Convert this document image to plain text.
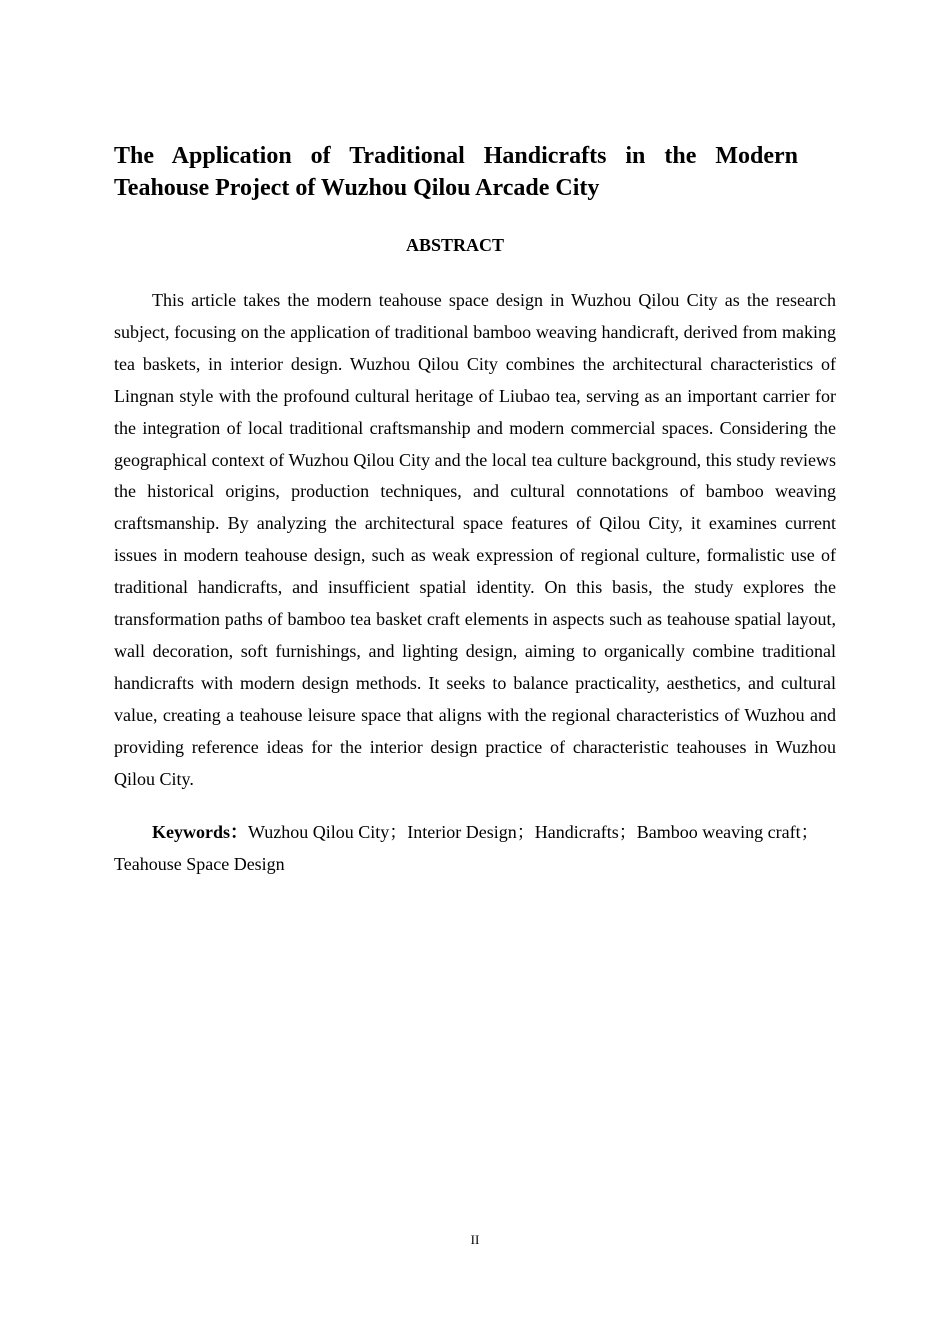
The Application of Traditional Handicrafts in the Modern
Teahouse Project of Wuzhou Qilou Arcade City
ABSTRACT

This article takes the modern teahouse space design in Wuzhou Qilou City as the research subject, focusing on the application of traditional bamboo weaving handicraft, derived from making tea baskets, in interior design. Wuzhou Qilou City combines the architectural characteristics of Lingnan style with the profound cultural heritage of Liubao tea, serving as an important carrier for the integration of local traditional craftsmanship and modern commercial spaces. Considering the geographical context of Wuzhou Qilou City and the local tea culture background, this study reviews the historical origins, production techniques, and cultural connotations of bamboo weaving craftsmanship. By analyzing the architectural space features of Qilou City, it examines current issues in modern teahouse design, such as weak expression of regional culture, formalistic use of traditional handicrafts, and insufficient spatial identity. On this basis, the study explores the transformation paths of bamboo tea basket craft elements in aspects such as teahouse spatial layout, wall decoration, soft furnishings, and lighting design, aiming to organically combine traditional handicrafts with modern design methods. It seeks to balance practicality, aesthetics, and cultural value, creating a teahouse leisure space that aligns with the regional characteristics of Wuzhou and providing reference ideas for the interior design practice of characteristic teahouses in Wuzhou Qilou City.

Keywords：Wuzhou Qilou City；Interior Design；Handicrafts；Bamboo weaving craft；Teahouse Space Design

II
